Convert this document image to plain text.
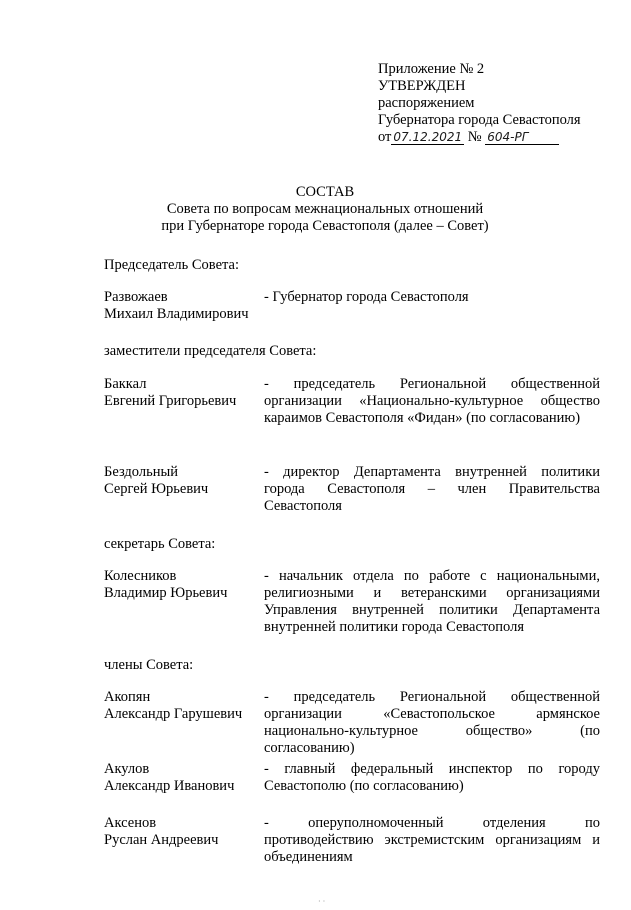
Приложение № 2
УТВЕРЖДЕН
распоряжением
Губернатора города Севастополя
от 07.12.2021 № 604-РГ
СОСТАВ
Совета по вопросам межнациональных отношений
при Губернаторе города Севастополя (далее – Совет)
Председатель Совета:
Развожаев
Михаил Владимирович
- Губернатор города Севастополя
заместители председателя Совета:
Баккал
Евгений Григорьевич
- председатель Региональной общественной организации «Национально-культурное общество караимов Севастополя «Фидан» (по согласованию)
Бездольный
Сергей Юрьевич
- директор Департамента внутренней политики города Севастополя – член Правительства Севастополя
секретарь Совета:
Колесников
Владимир Юрьевич
- начальник отдела по работе с национальными, религиозными и ветеранскими организациями Управления внутренней политики Департамента внутренней политики города Севастополя
члены Совета:
Акопян
Александр Гарушевич
- председатель Региональной общественной организации «Севастопольское армянское национально-культурное общество» (по согласованию)
Акулов
Александр Иванович
- главный федеральный инспектор по городу Севастополю (по согласованию)
Аксенов
Руслан Андреевич
- оперуполномоченный отделения по противодействию экстремистским организациям и объединениям
· ·
